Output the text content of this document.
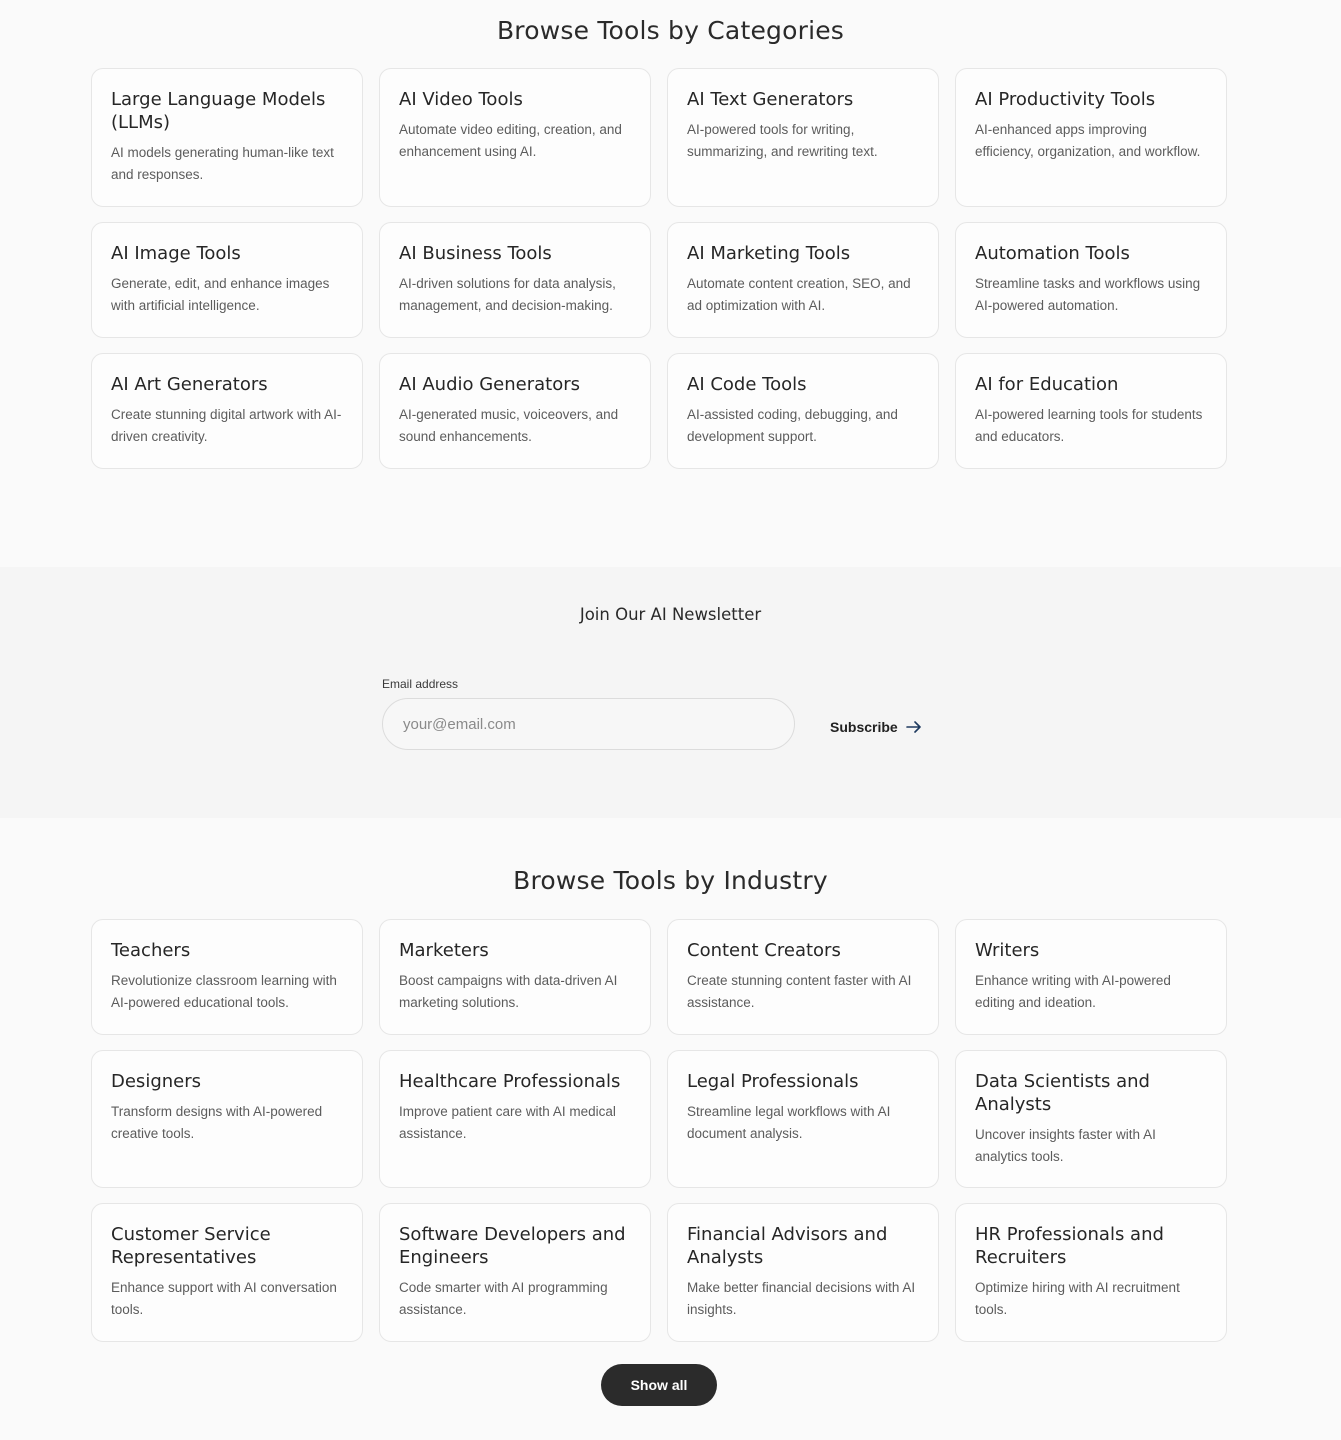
Browse Tools by Categories
Large Language Models (LLMs)
AI models generating human-like text and responses.
AI Video Tools
Automate video editing, creation, and enhancement using AI.
AI Text Generators
AI-powered tools for writing, summarizing, and rewriting text.
AI Productivity Tools
AI-enhanced apps improving efficiency, organization, and workflow.
AI Image Tools
Generate, edit, and enhance images with artificial intelligence.
AI Business Tools
AI-driven solutions for data analysis, management, and decision-making.
AI Marketing Tools
Automate content creation, SEO, and ad optimization with AI.
Automation Tools
Streamline tasks and workflows using AI-powered automation.
AI Art Generators
Create stunning digital artwork with AI-driven creativity.
AI Audio Generators
AI-generated music, voiceovers, and sound enhancements.
AI Code Tools
AI-assisted coding, debugging, and development support.
AI for Education
AI-powered learning tools for students and educators.
Join Our AI Newsletter
Email address
your@email.com
Subscribe
Browse Tools by Industry
Teachers
Revolutionize classroom learning with AI-powered educational tools.
Marketers
Boost campaigns with data-driven AI marketing solutions.
Content Creators
Create stunning content faster with AI assistance.
Writers
Enhance writing with AI-powered editing and ideation.
Designers
Transform designs with AI-powered creative tools.
Healthcare Professionals
Improve patient care with AI medical assistance.
Legal Professionals
Streamline legal workflows with AI document analysis.
Data Scientists and Analysts
Uncover insights faster with AI analytics tools.
Customer Service Representatives
Enhance support with AI conversation tools.
Software Developers and Engineers
Code smarter with AI programming assistance.
Financial Advisors and Analysts
Make better financial decisions with AI insights.
HR Professionals and Recruiters
Optimize hiring with AI recruitment tools.
Show all
